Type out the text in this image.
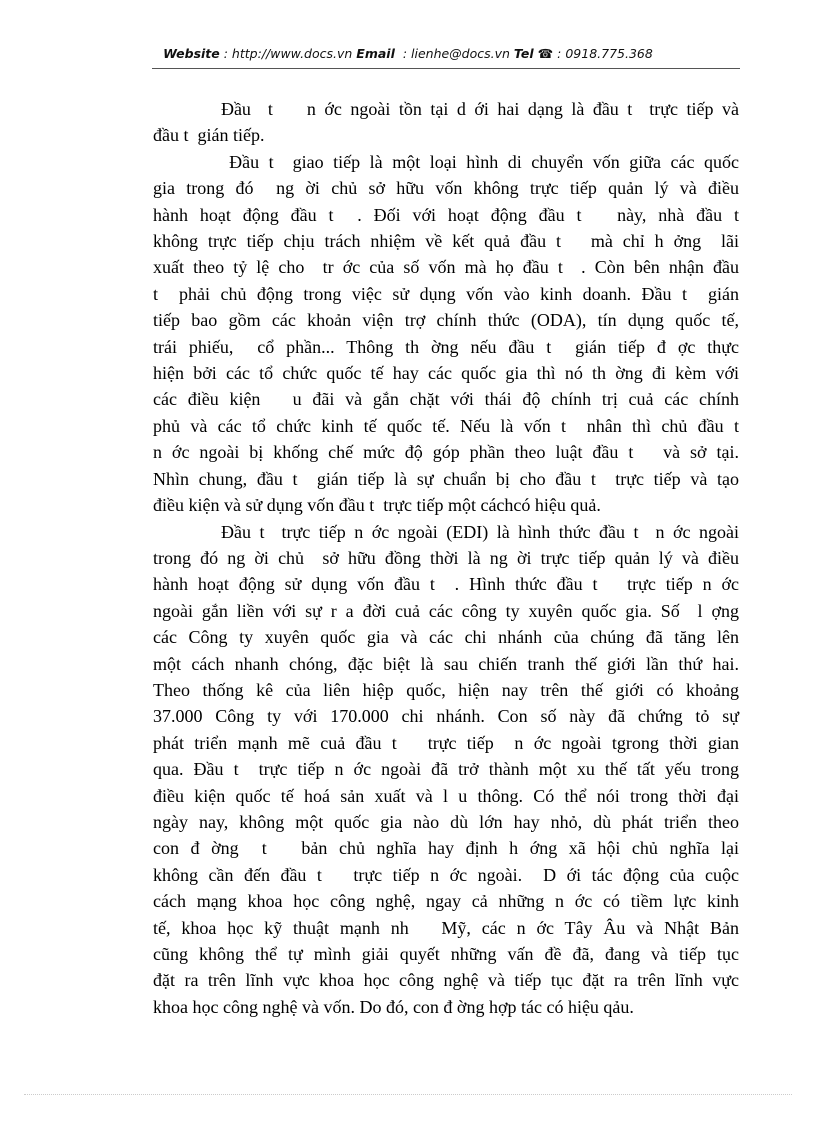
Website : http://www.docs.vn Email  : lienhe@docs.vn Tel ☎ : 0918.775.368
Đầu  t    n ớc ngoài tồn tại d ới hai dạng là đầu t  trực tiếp và
đầu t  gián tiếp.
Đầu t  giao tiếp là một loại hình di chuyển vốn giữa các quốc
gia trong đó  ng ời chủ sở hữu vốn không trực tiếp quản lý và điều
hành hoạt động đầu t  . Đối với hoạt động đầu t   này, nhà đầu t
không trực tiếp chịu trách nhiệm về kết quả đầu t   mà chỉ h ởng  lãi
xuất theo tỷ lệ cho  tr ớc của số vốn mà họ đầu t  . Còn bên nhận đầu
t  phải chủ động trong việc sử dụng vốn vào kinh doanh. Đầu t  gián
tiếp bao gồm các khoản viện trợ chính thức (ODA), tín dụng quốc tế,
trái phiếu,  cổ phần... Thông th ờng nếu đầu t  gián tiếp đ ợc thực
hiện bởi các tổ chức quốc tế hay các quốc gia thì nó th ờng đi kèm với
các điều kiện   u đãi và gắn chặt với thái độ chính trị cuả các chính
phủ và các tổ chức kinh tế quốc tế. Nếu là vốn t  nhân thì chủ đầu t
n ớc ngoài bị khống chế mức độ góp phần theo luật đầu t   và sở tại.
Nhìn chung, đầu t  gián tiếp là sự chuẩn bị cho đầu t  trực tiếp và tạo
điều kiện và sử dụng vốn đầu t  trực tiếp một cáchcó hiệu quả.
Đầu t  trực tiếp n ớc ngoài (EDI) là hình thức đầu t  n ớc ngoài
trong đó ng ời chủ  sở hữu đồng thời là ng ời trực tiếp quản lý và điều
hành hoạt động sử dụng vốn đầu t  . Hình thức đầu t   trực tiếp n ớc
ngoài gắn liền với sự r a đời cuả các công ty xuyên quốc gia. Số  l ợng
các Công ty xuyên quốc gia và các chi nhánh của chúng đã tăng lên
một cách nhanh chóng, đặc biệt là sau chiến tranh thế giới lần thứ hai.
Theo thống kê của liên hiệp quốc, hiện nay trên thế giới có khoảng
37.000 Công ty với 170.000 chi nhánh. Con số này đã chứng tỏ sự
phát triển mạnh mẽ cuả đầu t   trực tiếp  n ớc ngoài tgrong thời gian
qua. Đầu t  trực tiếp n ớc ngoài đã trở thành một xu thế tất yếu trong
điều kiện quốc tế hoá sản xuất và l u thông. Có thể nói trong thời đại
ngày nay, không một quốc gia nào dù lớn hay nhỏ, dù phát triển theo
con đ ờng  t   bản chủ nghĩa hay định h ớng xã hội chủ nghĩa lại
không cần đến đầu t   trực tiếp n ớc ngoài.  D ới tác động của cuộc
cách mạng khoa học công nghệ, ngay cả những n ớc có tiềm lực kinh
tế, khoa học kỹ thuật mạnh nh   Mỹ, các n ớc Tây Âu và Nhật Bản
cũng không thể tự mình giải quyết những vấn đề đã, đang và tiếp tục
đặt ra trên lĩnh vực khoa học công nghệ và tiếp tục đặt ra trên lĩnh vực
khoa học công nghệ và vốn. Do đó, con đ ờng hợp tác có hiệu qảu.
